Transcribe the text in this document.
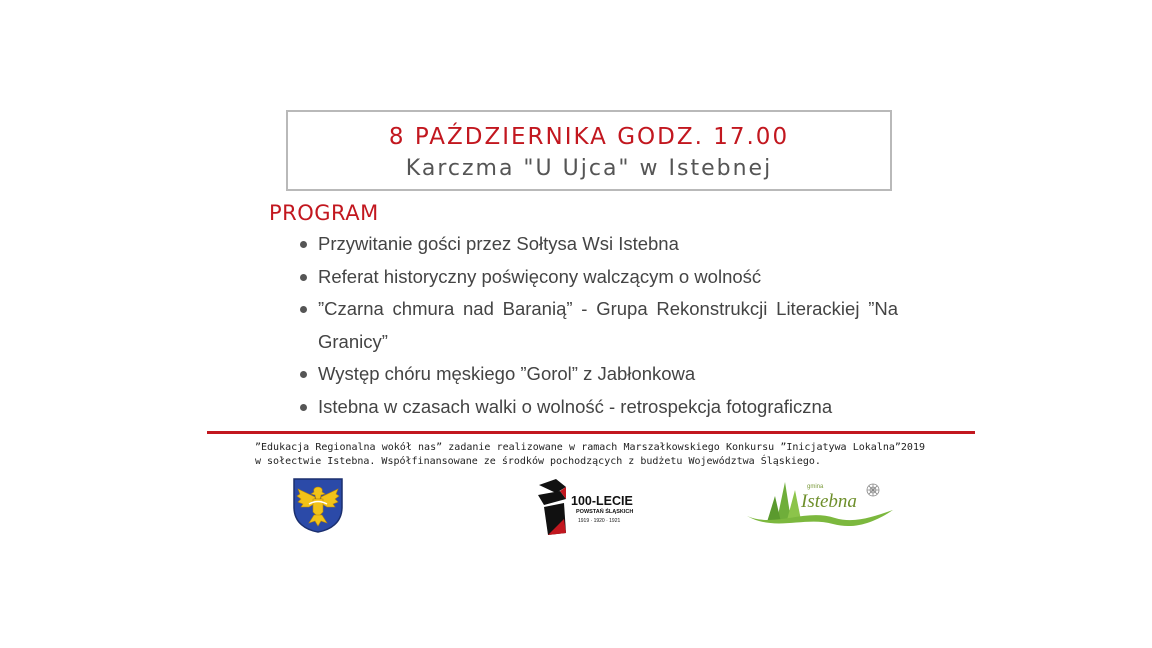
8 PAŹDZIERNIKA GODZ. 17.00
Karczma "U Ujca" w Istebnej
PROGRAM
Przywitanie gości przez Sołtysa Wsi Istebna
Referat historyczny poświęcony walczącym o wolność
”Czarna chmura nad Baranią” - Grupa Rekonstrukcji Literackiej ”Na Granicy”
Występ chóru męskiego ”Gorol” z Jabłonkowa
Istebna w czasach walki o wolność - retrospekcja fotograficzna
”Edukacja Regionalna wokół nas” zadanie realizowane w ramach Marszałkowskiego Konkursu ”Inicjatywa Lokalna”2019 w sołectwie Istebna. Współfinansowane ze środków pochodzących z budżetu Województwa Śląskiego.
100-LECIE
POWSTAŃ ŚLĄSKICH
1919 · 1920 · 1921
gmina
Istebna
